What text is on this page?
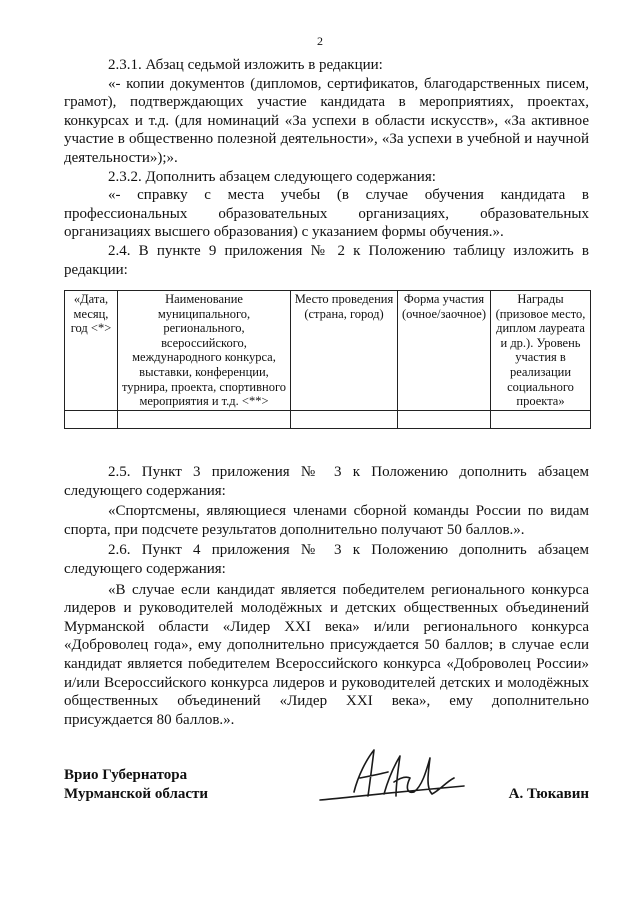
2

2.3.1. Абзац седьмой изложить в редакции:

«- копии документов (дипломов, сертификатов, благодарственных писем, грамот), подтверждающих участие кандидата в мероприятиях, проектах, конкурсах и т.д. (для номинаций «За успехи в области искусств», «За активное участие в общественно полезной деятельности», «За успехи в учебной и научной деятельности»);».

2.3.2. Дополнить абзацем следующего содержания:

«- справку с места учебы (в случае обучения кандидата в профессиональных образовательных организациях, образовательных организациях высшего образования) с указанием формы обучения.».

2.4. В пункте 9 приложения № 2 к Положению таблицу изложить в редакции:

«Дата, месяц, год <*>	Наименование муниципального, регионального, всероссийского, международного конкурса, выставки, конференции, турнира, проекта, спортивного мероприятия и т.д. <**>	Место проведения (страна, город)	Форма участия (очное/заочное)	Награды (призовое место, диплом лауреата и др.). Уровень участия в реализации социального проекта»

2.5. Пункт 3 приложения № 3 к Положению дополнить абзацем следующего содержания:

«Спортсмены, являющиеся членами сборной команды России по видам спорта, при подсчете результатов дополнительно получают 50 баллов.».

2.6. Пункт 4 приложения № 3 к Положению дополнить абзацем следующего содержания:

«В случае если кандидат является победителем регионального конкурса лидеров и руководителей молодёжных и детских общественных объединений Мурманской области «Лидер XXI века» и/или регионального конкурса «Доброволец года», ему дополнительно присуждается 50 баллов; в случае если кандидат является победителем Всероссийского конкурса «Доброволец России» и/или Всероссийского конкурса лидеров и руководителей детских и молодёжных общественных объединений «Лидер XXI века», ему дополнительно присуждается 80 баллов.».

Врио Губернатора
Мурманской области	А. Тюкавин
